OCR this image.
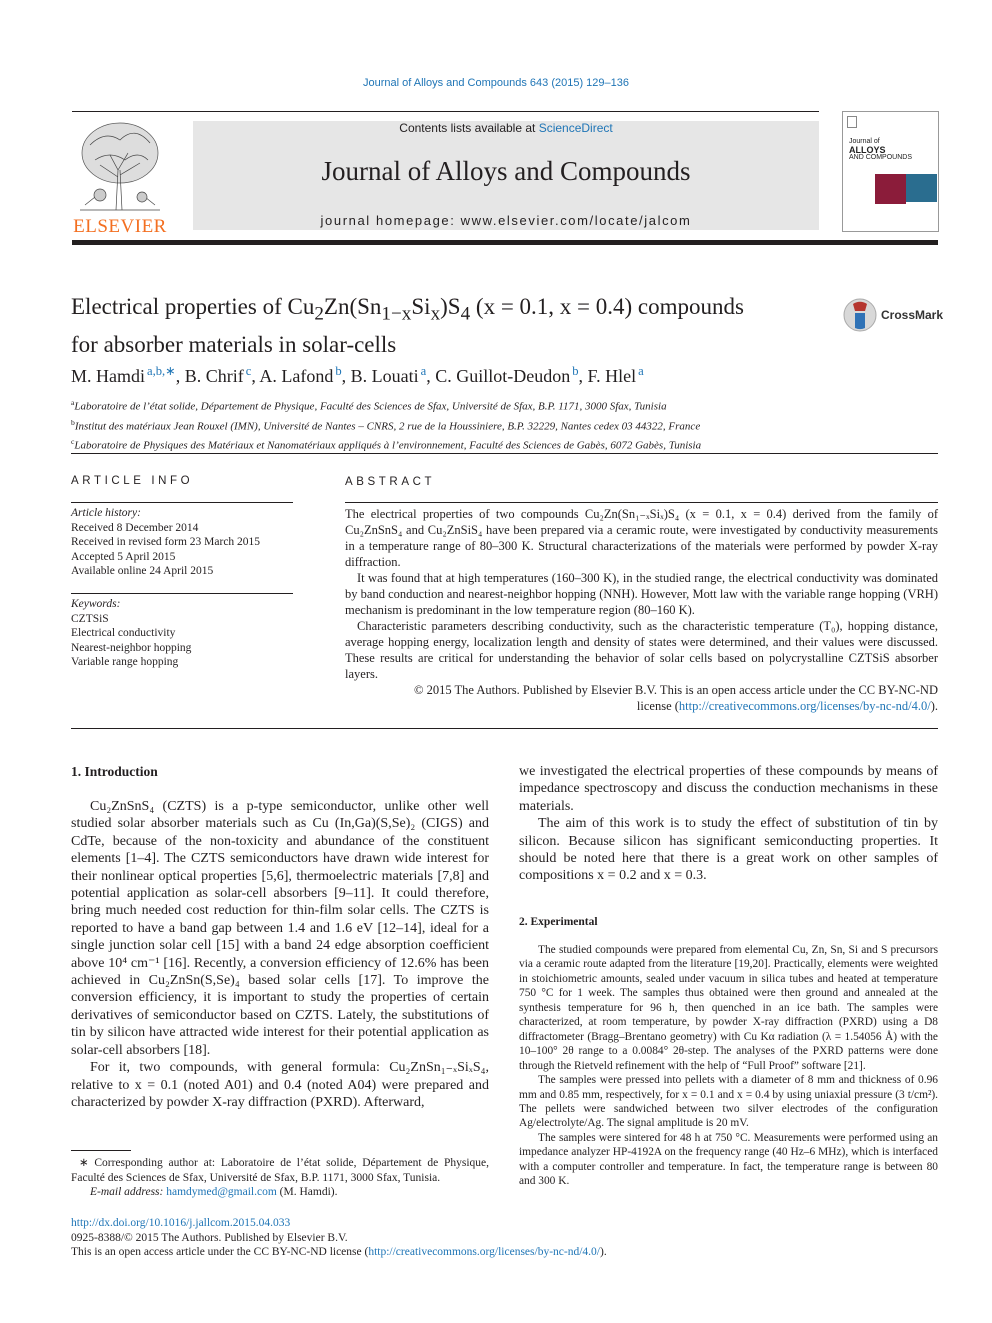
Journal of Alloys and Compounds 643 (2015) 129–136
ELSEVIER
Contents lists available at ScienceDirect
Journal of Alloys and Compounds
journal homepage: www.elsevier.com/locate/jalcom
Journal of
ALLOYS
AND COMPOUNDS
Electrical properties of $Cu_2Zn(Sn_{1-x}Si_x)S_4$ (x = 0.1, x = 0.4) compounds
for absorber materials in solar-cells
CrossMark
M. Hamdi $^{a,b,∗}$, B. Chrif $^c$, A. Lafond $^b$, B. Louati $^a$, C. Guillot-Deudon $^b$, F. Hlel $^a$
$^a$Laboratoire de l’état solide, Département de Physique, Faculté des Sciences de Sfax, Université de Sfax, B.P. 1171, 3000 Sfax, Tunisia
$^b$Institut des matériaux Jean Rouxel (IMN), Université de Nantes – CNRS, 2 rue de la Houssiniere, B.P. 32229, Nantes cedex 03 44322, France
$^c$Laboratoire de Physiques des Matériaux et Nanomatériaux appliqués à l’environnement, Faculté des Sciences de Gabès, 6072 Gabès, Tunisia
ARTICLE INFO
Article history:
Received 8 December 2014
Received in revised form 23 March 2015
Accepted 5 April 2015
Available online 24 April 2015
Keywords:
CZTSiS
Electrical conductivity
Nearest-neighbor hopping
Variable range hopping
ABSTRACT

The electrical properties of two compounds Cu₂Zn(Sn₁₋ₓSiₓ)S₄ (x = 0.1, x = 0.4) derived from the family of Cu₂ZnSnS₄ and Cu₂ZnSiS₄ have been prepared via a ceramic route, were investigated by conductivity measurements in a temperature range of 80–300 K. Structural characterizations of the materials were performed by powder X-ray diffraction.

It was found that at high temperatures (160–300 K), in the studied range, the electrical conductivity was dominated by band conduction and nearest-neighbor hopping (NNH). However, Mott law with the variable range hopping (VRH) mechanism is predominant in the low temperature region (80–160 K).

Characteristic parameters describing conductivity, such as the characteristic temperature (T₀), hopping distance, average hopping energy, localization length and density of states were determined, and their values were discussed. These results are critical for understanding the behavior of solar cells based on polycrystalline CZTSiS absorber layers.

© 2015 The Authors. Published by Elsevier B.V. This is an open access article under the CC BY-NC-ND

license (http://creativecommons.org/licenses/by-nc-nd/4.0/).

1. Introduction

Cu₂ZnSnS₄ (CZTS) is a p-type semiconductor, unlike other well studied solar absorber materials such as Cu (In,Ga)(S,Se)₂ (CIGS) and CdTe, because of the non-toxicity and abundance of the constituent elements [1–4]. The CZTS semiconductors have drawn wide interest for their nonlinear optical properties [5,6], thermoelectric materials [7,8] and potential application as solar-cell absorbers [9–11]. It could therefore, bring much needed cost reduction for thin-film solar cells. The CZTS is reported to have a band gap between 1.4 and 1.6 eV [12–14], ideal for a single junction solar cell [15] with a band 24 edge absorption coefficient above 10⁴ cm⁻¹ [16]. Recently, a conversion efficiency of 12.6% has been achieved in Cu₂ZnSn(S,Se)₄ based solar cells [17]. To improve the conversion efficiency, it is important to study the properties of certain derivatives of semiconductor based on CZTS. Lately, the substitutions of tin by silicon have attracted wide interest for their potential application as solar-cell absorbers [18].

For it, two compounds, with general formula: Cu₂ZnSn₁₋ₓSiₓS₄, relative to x = 0.1 (noted A01) and 0.4 (noted A04) were prepared and characterized by powder X-ray diffraction (PXRD). Afterward,

we investigated the electrical properties of these compounds by means of impedance spectroscopy and discuss the conduction mechanisms in these materials.

The aim of this work is to study the effect of substitution of tin by silicon. Because silicon has significant semiconducting properties. It should be noted here that there is a great work on other samples of compositions x = 0.2 and x = 0.3.

2. Experimental

The studied compounds were prepared from elemental Cu, Zn, Sn, Si and S precursors via a ceramic route adapted from the literature [19,20]. Practically, elements were weighted in stoichiometric amounts, sealed under vacuum in silica tubes and heated at temperature 750 °C for 1 week. The samples thus obtained were then ground and annealed at the synthesis temperature for 96 h, then quenched in an ice bath. The samples were characterized, at room temperature, by powder X-ray diffraction (PXRD) using a D8 diffractometer (Bragg–Brentano geometry) with Cu Kα radiation (λ = 1.54056 Å) with the 10–100° 2θ range to a 0.0084° 2θ-step. The analyses of the PXRD patterns were done through the Rietveld refinement with the help of “Full Proof” software [21].

The samples were pressed into pellets with a diameter of 8 mm and thickness of 0.96 mm and 0.85 mm, respectively, for x = 0.1 and x = 0.4 by using uniaxial pressure (3 t/cm²). The pellets were sandwiched between two silver electrodes of the configuration Ag/electrolyte/Ag. The signal amplitude is 20 mV.

The samples were sintered for 48 h at 750 °C. Measurements were performed using an impedance analyzer HP-4192A on the frequency range (40 Hz–6 MHz), which is interfaced with a computer controller and temperature. In fact, the temperature range is between 80 and 300 K.

∗ Corresponding author at: Laboratoire de l’état solide, Département de Physique, Faculté des Sciences de Sfax, Université de Sfax, B.P. 1171, 3000 Sfax, Tunisia.
E-mail address: hamdymed@gmail.com (M. Hamdi).
http://dx.doi.org/10.1016/j.jallcom.2015.04.033
0925-8388/© 2015 The Authors. Published by Elsevier B.V.
This is an open access article under the CC BY-NC-ND license (http://creativecommons.org/licenses/by-nc-nd/4.0/).
